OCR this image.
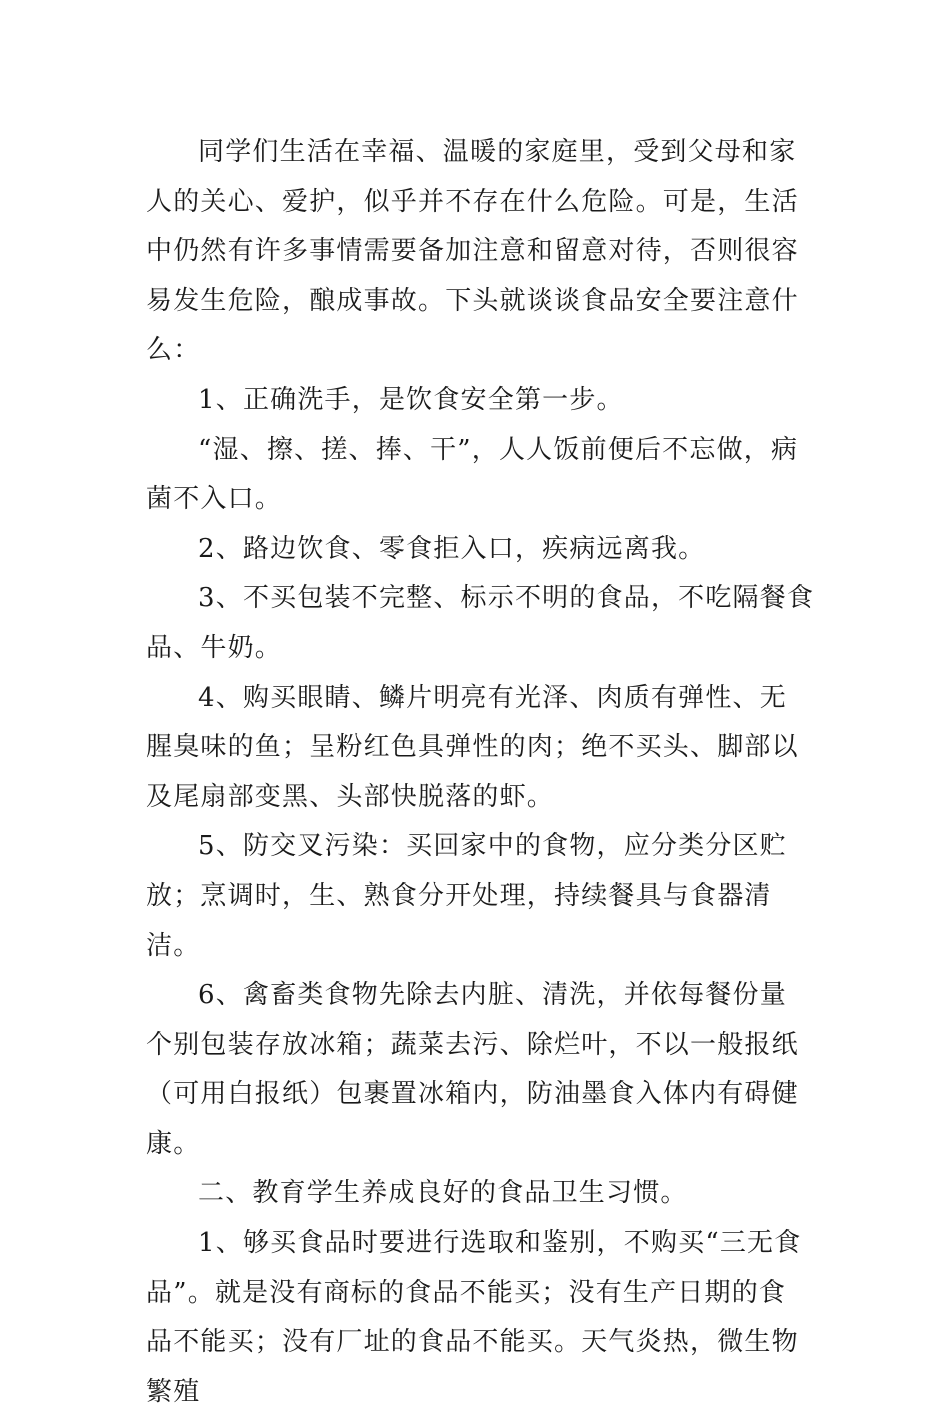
同学们生活在幸福、温暖的家庭里，受到父母和家人的关心、爱护，似乎并不存在什么危险。可是，生活中仍然有许多事情需要备加注意和留意对待，否则很容易发生危险，酿成事故。下头就谈谈食品安全要注意什么：

1、正确洗手，是饮食安全第一步。

“湿、擦、搓、捧、干”，人人饭前便后不忘做，病菌不入口。

2、路边饮食、零食拒入口，疾病远离我。

3、不买包装不完整、标示不明的食品，不吃隔餐食品、牛奶。

4、购买眼睛、鳞片明亮有光泽、肉质有弹性、无腥臭味的鱼；呈粉红色具弹性的肉；绝不买头、脚部以及尾扇部变黑、头部快脱落的虾。

5、防交叉污染：买回家中的食物，应分类分区贮放；烹调时，生、熟食分开处理，持续餐具与食器清洁。

6、禽畜类食物先除去内脏、清洗，并依每餐份量个别包装存放冰箱；蔬菜去污、除烂叶，不以一般报纸（可用白报纸）包裹置冰箱内，防油墨食入体内有碍健康。

二、教育学生养成良好的食品卫生习惯。

1、够买食品时要进行选取和鉴别，不购买“三无食品”。就是没有商标的食品不能买；没有生产日期的食品不能买；没有厂址的食品不能买。天气炎热，微生物繁殖
